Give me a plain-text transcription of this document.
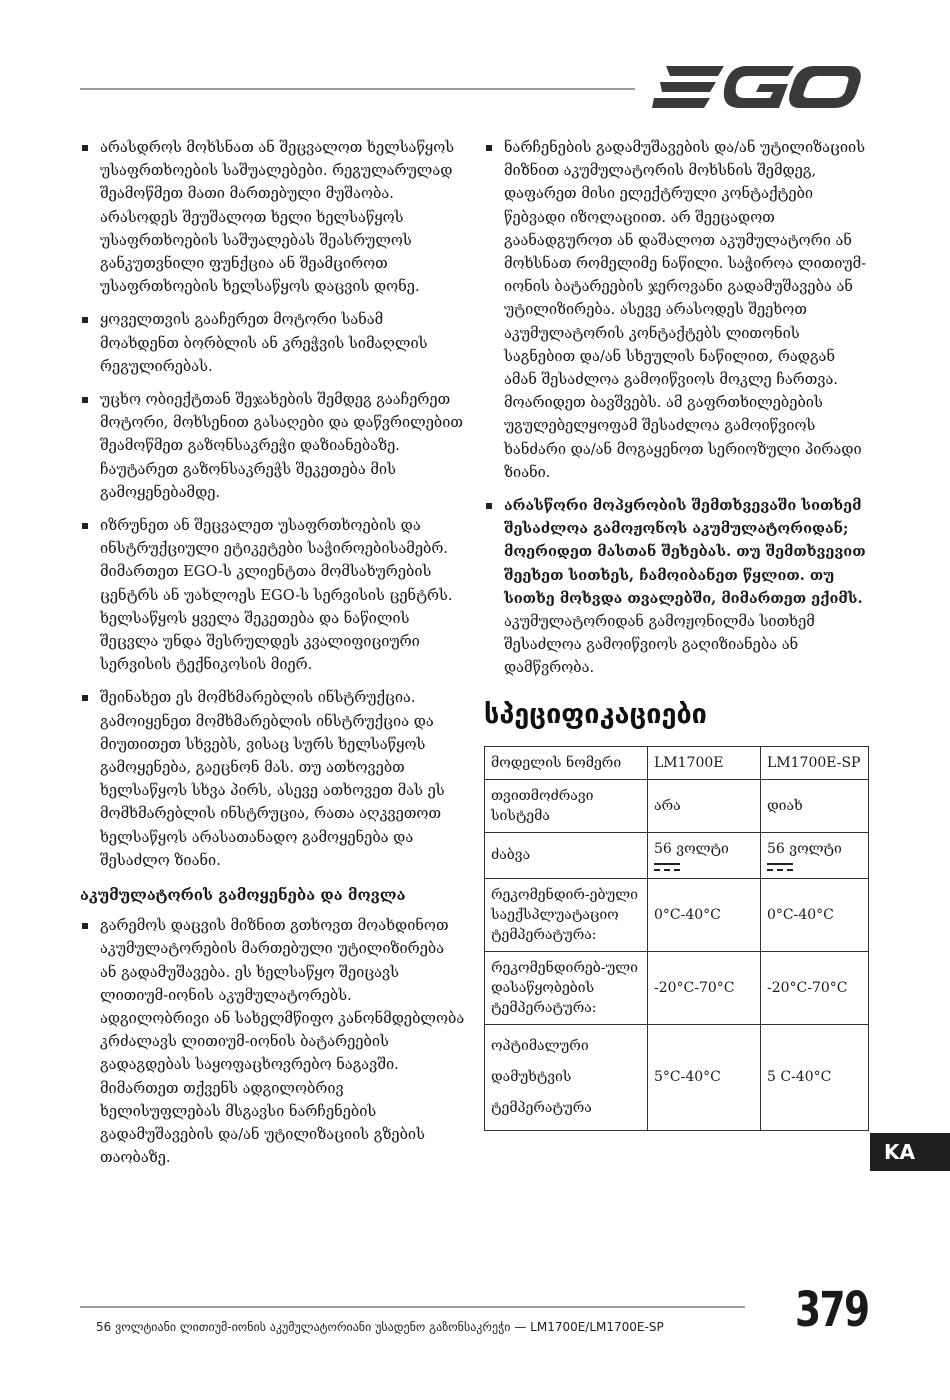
არასდროს მოხსნათ ან შეცვალოთ ხელსაწყოს უსაფრთხოების საშუალებები. რეგულარულად შეამოწმეთ მათი მართებული მუშაობა. არასოდეს შეუშალოთ ხელი ხელსაწყოს უსაფრთხოების საშუალებას შეასრულოს განკუთვნილი ფუნქცია ან შეამციროთ უსაფრთხოების ხელსაწყოს დაცვის დონე.
ყოველთვის გააჩერეთ მოტორი სანამ მოახდენთ ბორბლის ან კრეჭვის სიმაღლის რეგულირებას.
უცხო ობიექტთან შეჯახების შემდეგ გააჩერეთ მოტორი, მოხსენით გასაღები და დაწვრილებით შეამოწმეთ გაზონსაკრეჭი დაზიანებაზე. ჩაუტარეთ გაზონსაკრეჭს შეკეთება მის გამოყენებამდე.
იზრუნეთ ან შეცვალეთ უსაფრთხოების და ინსტრუქციული ეტიკეტები საჭიროებისამებრ. მიმართეთ EGO-ს კლიენტთა მომსახურების ცენტრს ან უახლოეს EGO-ს სერვისის ცენტრს. ხელსაწყოს ყველა შეკეთება და ნაწილის შეცვლა უნდა შესრულდეს კვალიფიციური სერვისის ტექნიკოსის მიერ.
შეინახეთ ეს მომხმარებლის ინსტრუქცია. გამოიყენეთ მომხმარებლის ინსტრუქცია და მიუთითეთ სხვებს, ვისაც სურს ხელსაწყოს გამოყენება, გაეცნონ მას. თუ ათხოვებთ ხელსაწყოს სხვა პირს, ასევე ათხოვეთ მას ეს მომხმარებლის ინსტრუცია, რათა აღკვეთოთ ხელსაწყოს არასათანადო გამოყენება და შესაძლო ზიანი.
აკუმულატორის გამოყენება და მოვლა
გარემოს დაცვის მიზნით გთხოვთ მოახდინოთ აკუმულატორების მართებული უტილიზირება ან გადამუშავება. ეს ხელსაწყო შეიცავს ლითიუმ-იონის აკუმულატორებს. ადგილობრივი ან სახელმწიფო კანონმდებლობა კრძალავს ლითიუმ-იონის ბატარეების გადაგდებას საყოფაცხოვრებო ნაგავში. მიმართეთ თქვენს ადგილობრივ ხელისუფლებას მსგავსი ნარჩენების გადამუშავების და/ან უტილიზაციის გზების თაობაზე.
ნარჩენების გადამუშავების და/ან უტილიზაციის მიზნით აკუმულატორის მოხსნის შემდეგ, დაფარეთ მისი ელექტრული კონტაქტები წებვადი იზოლაციით. არ შეეცადოთ გაანადგუროთ ან დაშალოთ აკუმულატორი ან მოხსნათ რომელიმე ნაწილი. საჭიროა ლითიუმ-იონის ბატარეების ჯეროვანი გადამუშავება ან უტილიზირება. ასევე არასოდეს შეეხოთ აკუმულატორის კონტაქტებს ლითონის საგნებით და/ან სხეულის ნაწილით, რადგან ამან შესაძლოა გამოიწვიოს მოკლე ჩართვა. მოარიდეთ ბავშვებს. ამ გაფრთხილებების უგულებელყოფამ შესაძლოა გამოიწვიოს ხანძარი და/ან მოგაყენოთ სერიოზული პირადი ზიანი.
არასწორი მოპყრობის შემთხვევაში სითხემ შესაძლოა გამოჟონოს აკუმულატორიდან; მოერიდეთ მასთან შეხებას. თუ შემთხვევით შეეხეთ სითხეს, ჩამოიბანეთ წყლით. თუ სითხე მოხვდა თვალებში, მიმართეთ ექიმს. აკუმულატორიდან გამოჟონილმა სითხემ შესაძლოა გამოიწვიოს გაღიზიანება ან დამწვრობა.
სპეციფიკაციები
მოდელის ნომერი	LM1700E	LM1700E-SP
თვითმოძრავი სისტემა	არა	დიახ
ძაბვა	56 ვოლტი	56 ვოლტი

რეკომენდირ-ებული საექსპლუატაციო ტემპერატურა:	0°C-40°C	0°C-40°C
რეკომენდირებ-ული დასაწყობების ტემპერატურა:	-20°C-70°C	-20°C-70°C
ოპტიმალური დამუხტვის ტემპერატურა	5°C-40°C	5 C-40°C
KA
56 ვოლტიანი ლითიუმ-იონის აკუმულატორიანი უსადენო გაზონსაკრეჭი — LM1700E/LM1700E-SP	379
